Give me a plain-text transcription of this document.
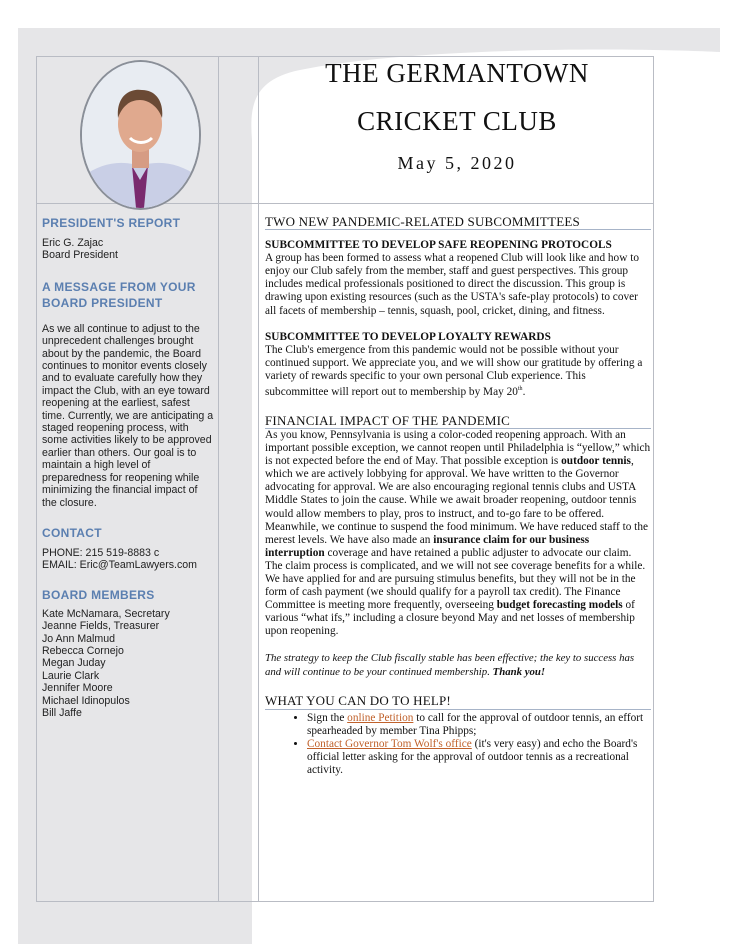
THE GERMANTOWN
CRICKET CLUB
May 5, 2020

PRESIDENT'S REPORT

Eric G. Zajac

Board President

A MESSAGE FROM YOUR

BOARD PRESIDENT

As we all continue to adjust to the unprecedent challenges brought about by the pandemic, the Board continues to monitor events closely and to evaluate carefully how they impact the Club, with an eye toward reopening at the earliest, safest time. Currently, we are anticipating a staged reopening process, with some activities likely to be approved earlier than others. Our goal is to maintain a high level of preparedness for reopening while minimizing the financial impact of the closure.

CONTACT

PHONE: 215 519-8883 c

EMAIL: Eric@TeamLawyers.com

BOARD MEMBERS

Kate McNamara, Secretary

Jeanne Fields, Treasurer

Jo Ann Malmud

Rebecca Cornejo

Megan Juday

Laurie Clark

Jennifer Moore

Michael Idinopulos

Bill Jaffe

TWO NEW PANDEMIC-RELATED SUBCOMMITTEES

SUBCOMMITTEE TO DEVELOP SAFE REOPENING PROTOCOLS

A group has been formed to assess what a reopened Club will look like and how to enjoy our Club safely from the member, staff and guest perspectives. This group includes medical professionals positioned to direct the discussion. This group is drawing upon existing resources (such as the USTA's safe-play protocols) to cover all facets of membership – tennis, squash, pool, cricket, dining, and fitness.

SUBCOMMITTEE TO DEVELOP LOYALTY REWARDS

The Club's emergence from this pandemic would not be possible without your continued support. We appreciate you, and we will show our gratitude by offering a variety of rewards specific to your own personal Club experience. This subcommittee will report out to membership by May 20th.

FINANCIAL IMPACT OF THE PANDEMIC

As you know, Pennsylvania is using a color-coded reopening approach. With an important possible exception, we cannot reopen until Philadelphia is “yellow,” which is not expected before the end of May. That possible exception is outdoor tennis, which we are actively lobbying for approval. We have written to the Governor advocating for approval. We are also encouraging regional tennis clubs and USTA Middle States to join the cause. While we await broader reopening, outdoor tennis would allow members to play, pros to instruct, and to-go fare to be offered. Meanwhile, we continue to suspend the food minimum. We have reduced staff to the merest levels. We have also made an insurance claim for our business interruption coverage and have retained a public adjuster to advocate our claim. The claim process is complicated, and we will not see coverage benefits for a while. We have applied for and are pursuing stimulus benefits, but they will not be in the form of cash payment (we should qualify for a payroll tax credit). The Finance Committee is meeting more frequently, overseeing budget forecasting models of various “what ifs,” including a closure beyond May and net losses of membership upon reopening.

The strategy to keep the Club fiscally stable has been effective; the key to success has and will continue to be your continued membership. Thank you!

WHAT YOU CAN DO TO HELP!

• Sign the online Petition to call for the approval of outdoor tennis, an effort spearheaded by member Tina Phipps;
• Contact Governor Tom Wolf's office (it's very easy) and echo the Board's official letter asking for the approval of outdoor tennis as a recreational activity.
